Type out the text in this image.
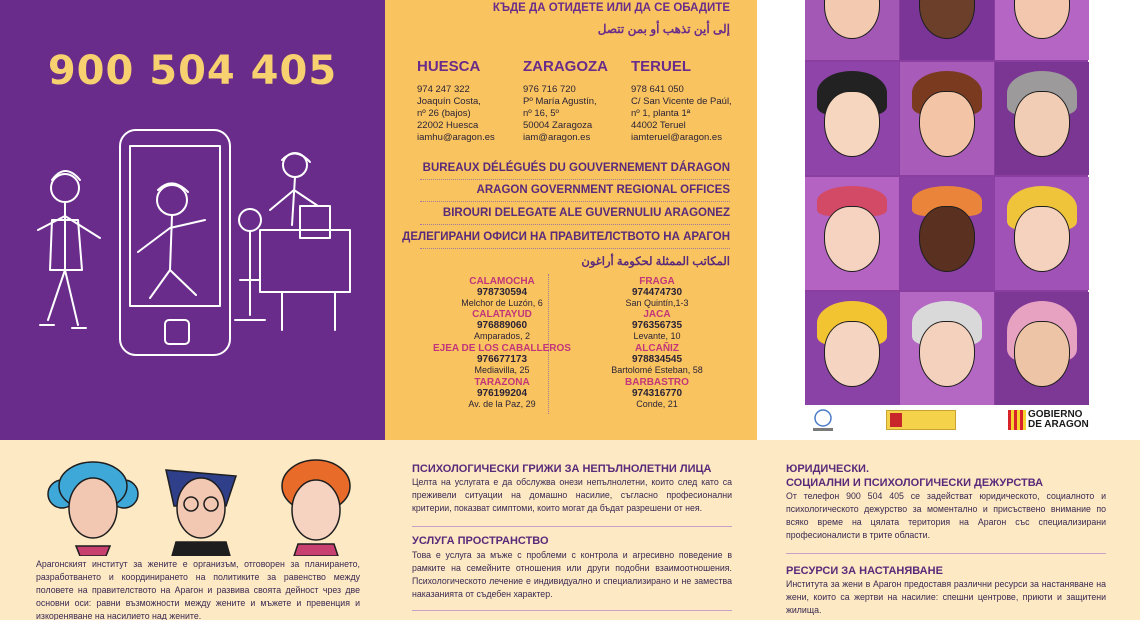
900 504 405
КЪДЕ ДА ОТИДЕТЕ ИЛИ ДА СЕ ОБАДИТЕ
إلى أين تذهب أو بمن تتصل
HUESCA	ZARAGOZA TERUEL
974 247 322
Joaquín Costa,
nº 26 (bajos)
22002 Huesca
iamhu@aragon.es
976 716 720
Pº María Agustín,
nº 16, 5º
50004 Zaragoza
iam@aragon.es
978 641 050
C/ San Vicente de Paúl,
nº 1, planta 1ª
44002 Teruel
iamteruel@aragon.es
BUREAUX DÉLÉGUÉS DU GOUVERNEMENT DÁRAGON
ARAGON GOVERNMENT REGIONAL OFFICES
BIROURI DELEGATE ALE GUVERNULIU ARAGONEZ
ДЕЛЕГИРАНИ ОФИСИ НА ПРАВИТЕЛСТВОТО НА АРАГОН
المكاتب الممثلة لحكومة أراغون
CALAMOCHA
978730594
Melchor de Luzón, 6
CALATAYUD
976889060
Amparados, 2
EJEA DE LOS CABALLEROS
976677173
Mediavilla, 25
TARAZONA
976199204
Av. de la Paz, 29
FRAGA
974474730
San Quintín,1-3
JACA
976356735
Levante, 10
ALCAÑIZ
978834545
Bartolomé Esteban, 58
BARBASTRO
974316770
Conde, 21
GOBIERNO
DE ARAGON
Арагонският институт за жените е организъм, отговорен за планирането, разработването и координирането на политиките за равенство между половете на правителството на Арагон и развива своята дейност чрез две основни оси: равни възможности между жените и мъжете и превенция и изкореняване на насилието над жените.
ПСИХОЛОГИЧЕСКИ ГРИЖИ ЗА НЕПЪЛНОЛЕТНИ ЛИЦА
Целта на услугата е да обслужва онези непълнолетни, които след като са преживели ситуации на домашно насилие, съгласно професионални критерии, показват симптоми, които могат да бъдат разрешени от нея.
УСЛУГА ПРОСТРАНСТВО
Това е услуга за мъже с проблеми с контрола и агресивно поведение в рамките на семейните отношения или други подобни взаимоотношения. Психологическото лечение е индивидуално и специализирано и не замества наказанията от съдебен характер.
ЮРИДИЧЕСКИ.
СОЦИАЛНИ И ПСИХОЛОГИЧЕСКИ ДЕЖУРСТВА
От телефон 900 504 405 се задействат юридическото, социалното и психологическото дежурство за моментално и присъствено внимание по всяко време на цялата територия на Арагон със специализирани професионалисти в трите области.
РЕСУРСИ ЗА НАСТАНЯВАНЕ
Института за жени в Арагон предоставя различни ресурси за настаняване на жени, които са жертви на насилие: спешни центрове, приюти и защитени жилища.
